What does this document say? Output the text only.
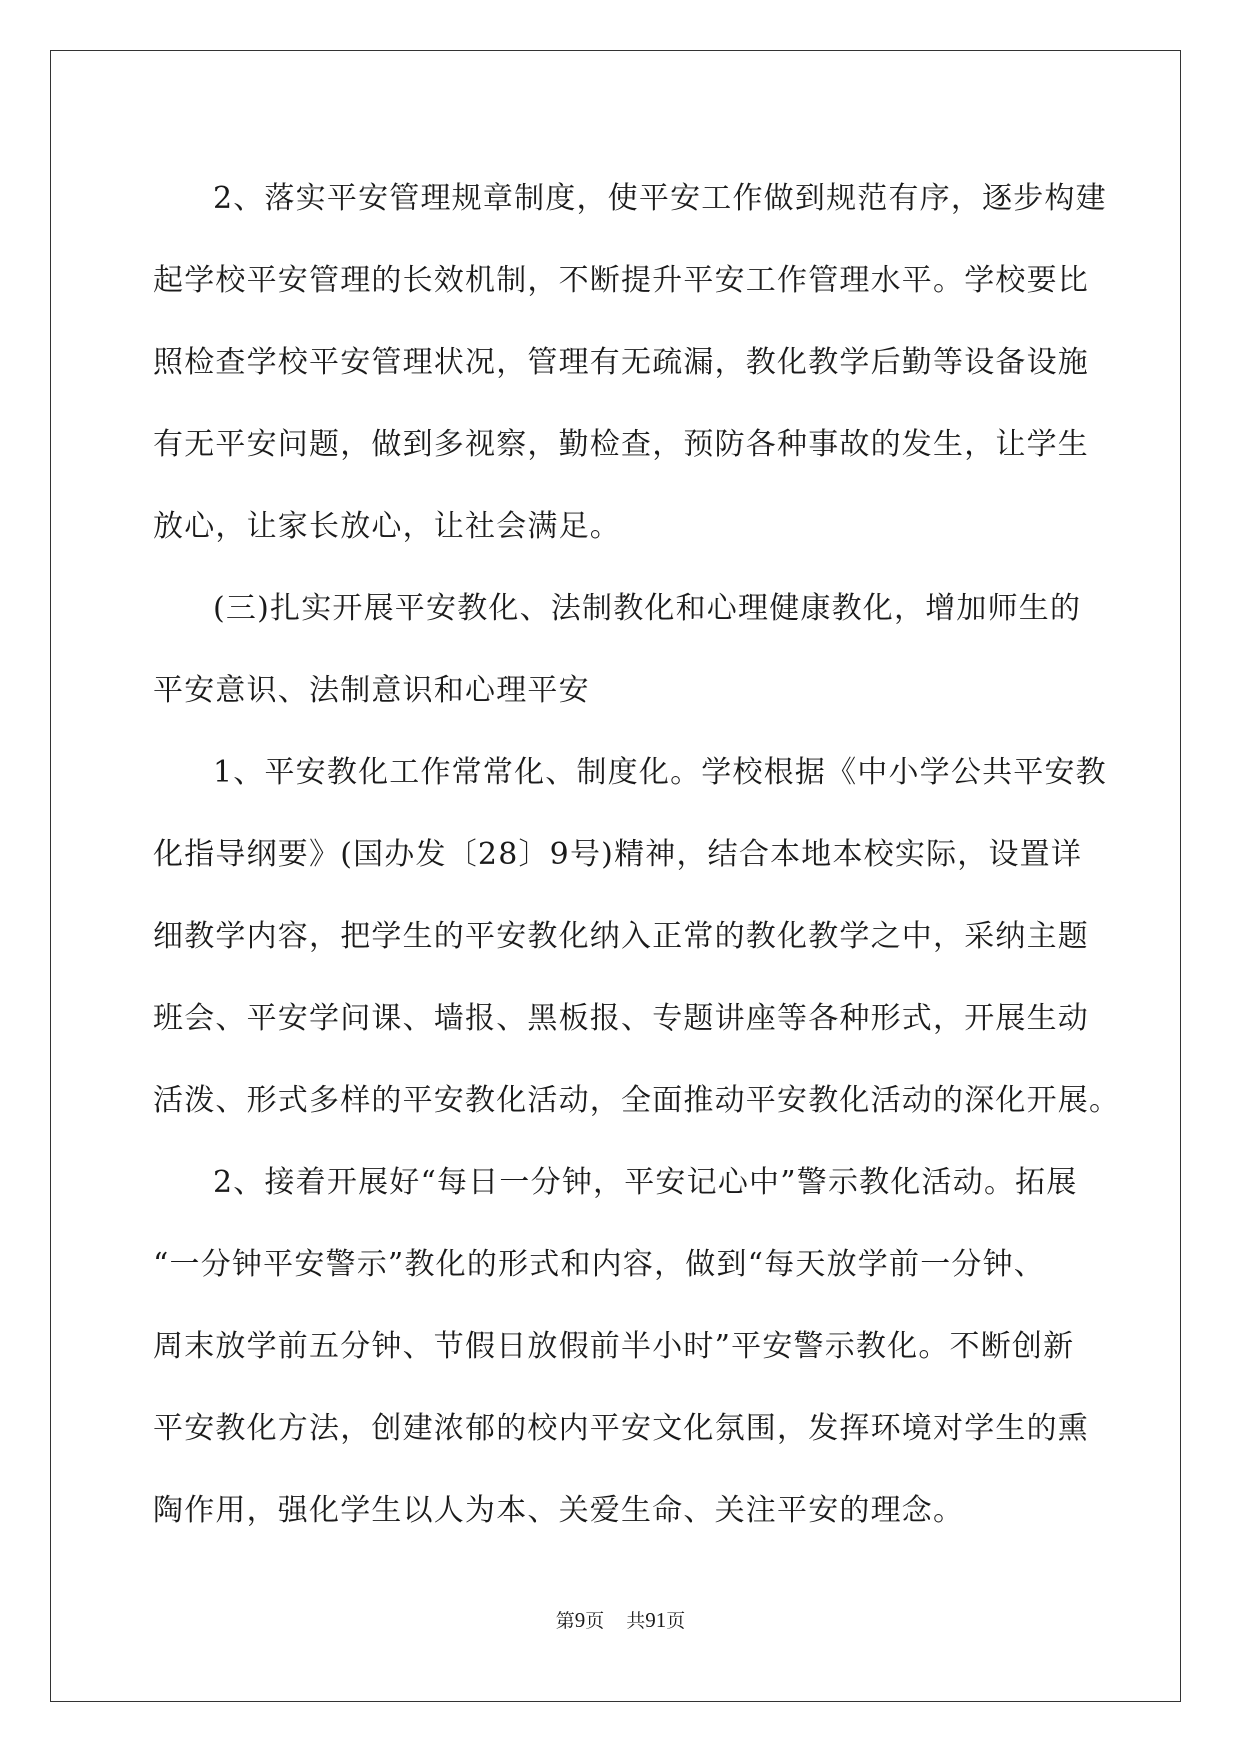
2、落实平安管理规章制度，使平安工作做到规范有序，逐步构建
起学校平安管理的长效机制，不断提升平安工作管理水平。学校要比
照检查学校平安管理状况，管理有无疏漏，教化教学后勤等设备设施
有无平安问题，做到多视察，勤检查，预防各种事故的发生，让学生
放心，让家长放心，让社会满足。
(三)扎实开展平安教化、法制教化和心理健康教化，增加师生的
平安意识、法制意识和心理平安
1、平安教化工作常常化、制度化。学校根据《中小学公共平安教
化指导纲要》(国办发〔28〕9号)精神，结合本地本校实际，设置详
细教学内容，把学生的平安教化纳入正常的教化教学之中，采纳主题
班会、平安学问课、墙报、黑板报、专题讲座等各种形式，开展生动
活泼、形式多样的平安教化活动，全面推动平安教化活动的深化开展。
2、接着开展好“每日一分钟，平安记心中”警示教化活动。拓展
“一分钟平安警示”教化的形式和内容，做到“每天放学前一分钟、
周末放学前五分钟、节假日放假前半小时”平安警示教化。不断创新
平安教化方法，创建浓郁的校内平安文化氛围，发挥环境对学生的熏
陶作用，强化学生以人为本、关爱生命、关注平安的理念。
第9页 共91页
